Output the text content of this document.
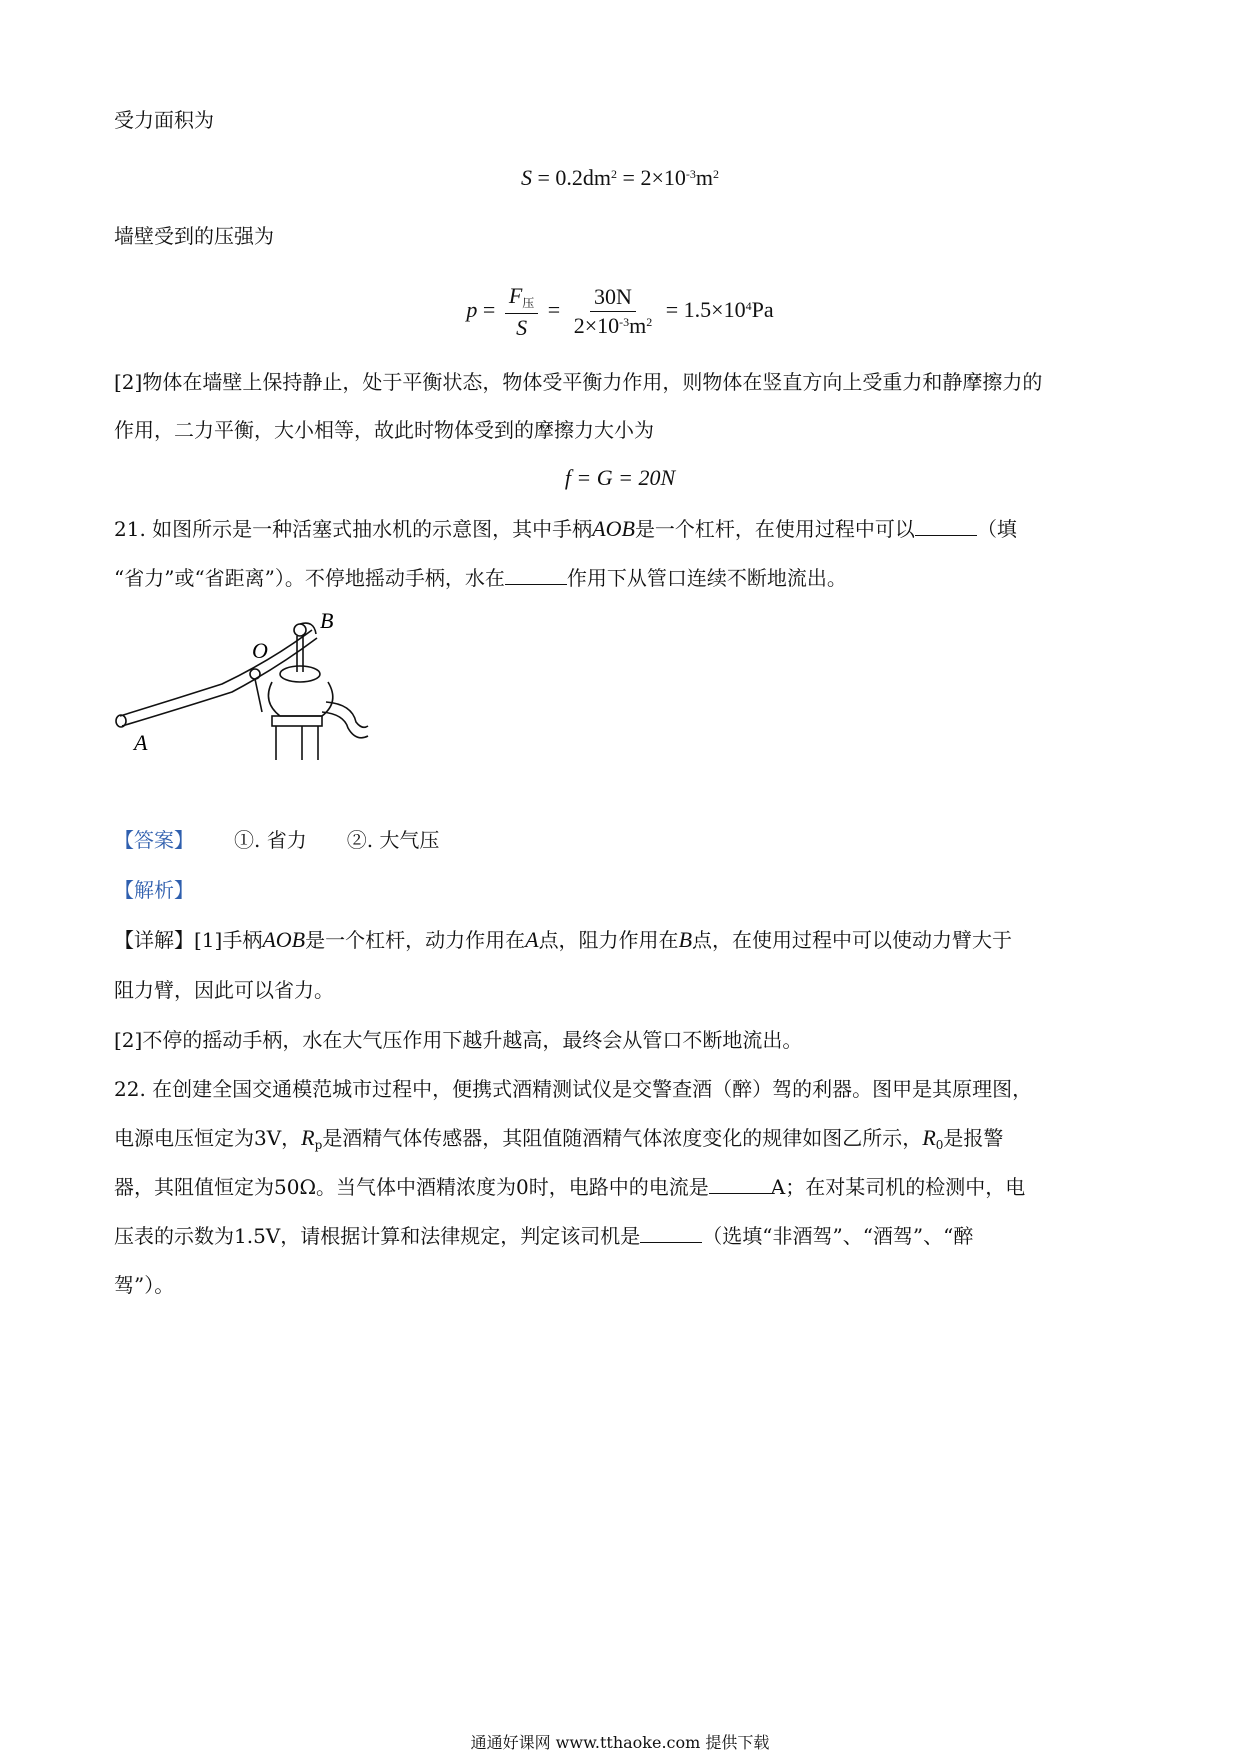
受力面积为
$S = 0.2dm^2 = 2\times 10^{-3}m^2$
墙壁受到的压强为
$p = \frac{\text{F压}}{S} = \frac{30N}{2\times 10^{-3}m^2} = 1.5\times 10^4Pa$
[2]物体在墙壁上保持静止，处于平衡状态，物体受平衡力作用，则物体在竖直方向上受重力和静摩擦力的
作用，二力平衡，大小相等，故此时物体受到的摩擦力大小为
f = G = 20N
21. 如图所示是一种活塞式抽水机的示意图，其中手柄AOB是一个杠杆，在使用过程中可以	（填
“省力”或“省距离”）。不停地摇动手柄，水在	作用下从管口连续不断地流出。
O
B
A
【答案】 ①. 省力 ②. 大气压
【解析】
【详解】[1]手柄AOB是一个杠杆，动力作用在A点，阻力作用在B点，在使用过程中可以使动力臂大于
阻力臂，因此可以省力。
[2]不停的摇动手柄，水在大气压作用下越升越高，最终会从管口不断地流出。
22. 在创建全国交通模范城市过程中，便携式酒精测试仪是交警查酒（醉）驾的利器。图甲是其原理图，
电源电压恒定为3V，$R_p$是酒精气体传感器，其阻值随酒精气体浓度变化的规律如图乙所示，$R_0$是报警
器，其阻值恒定为50Ω。当气体中酒精浓度为0时，电路中的电流是	A；在对某司机的检测中，电
压表的示数为1.5V，请根据计算和法律规定，判定该司机是	（选填“非酒驾”、“酒驾”、“醉
驾”）。
通通好课网 www.tthaoke.com 提供下载
